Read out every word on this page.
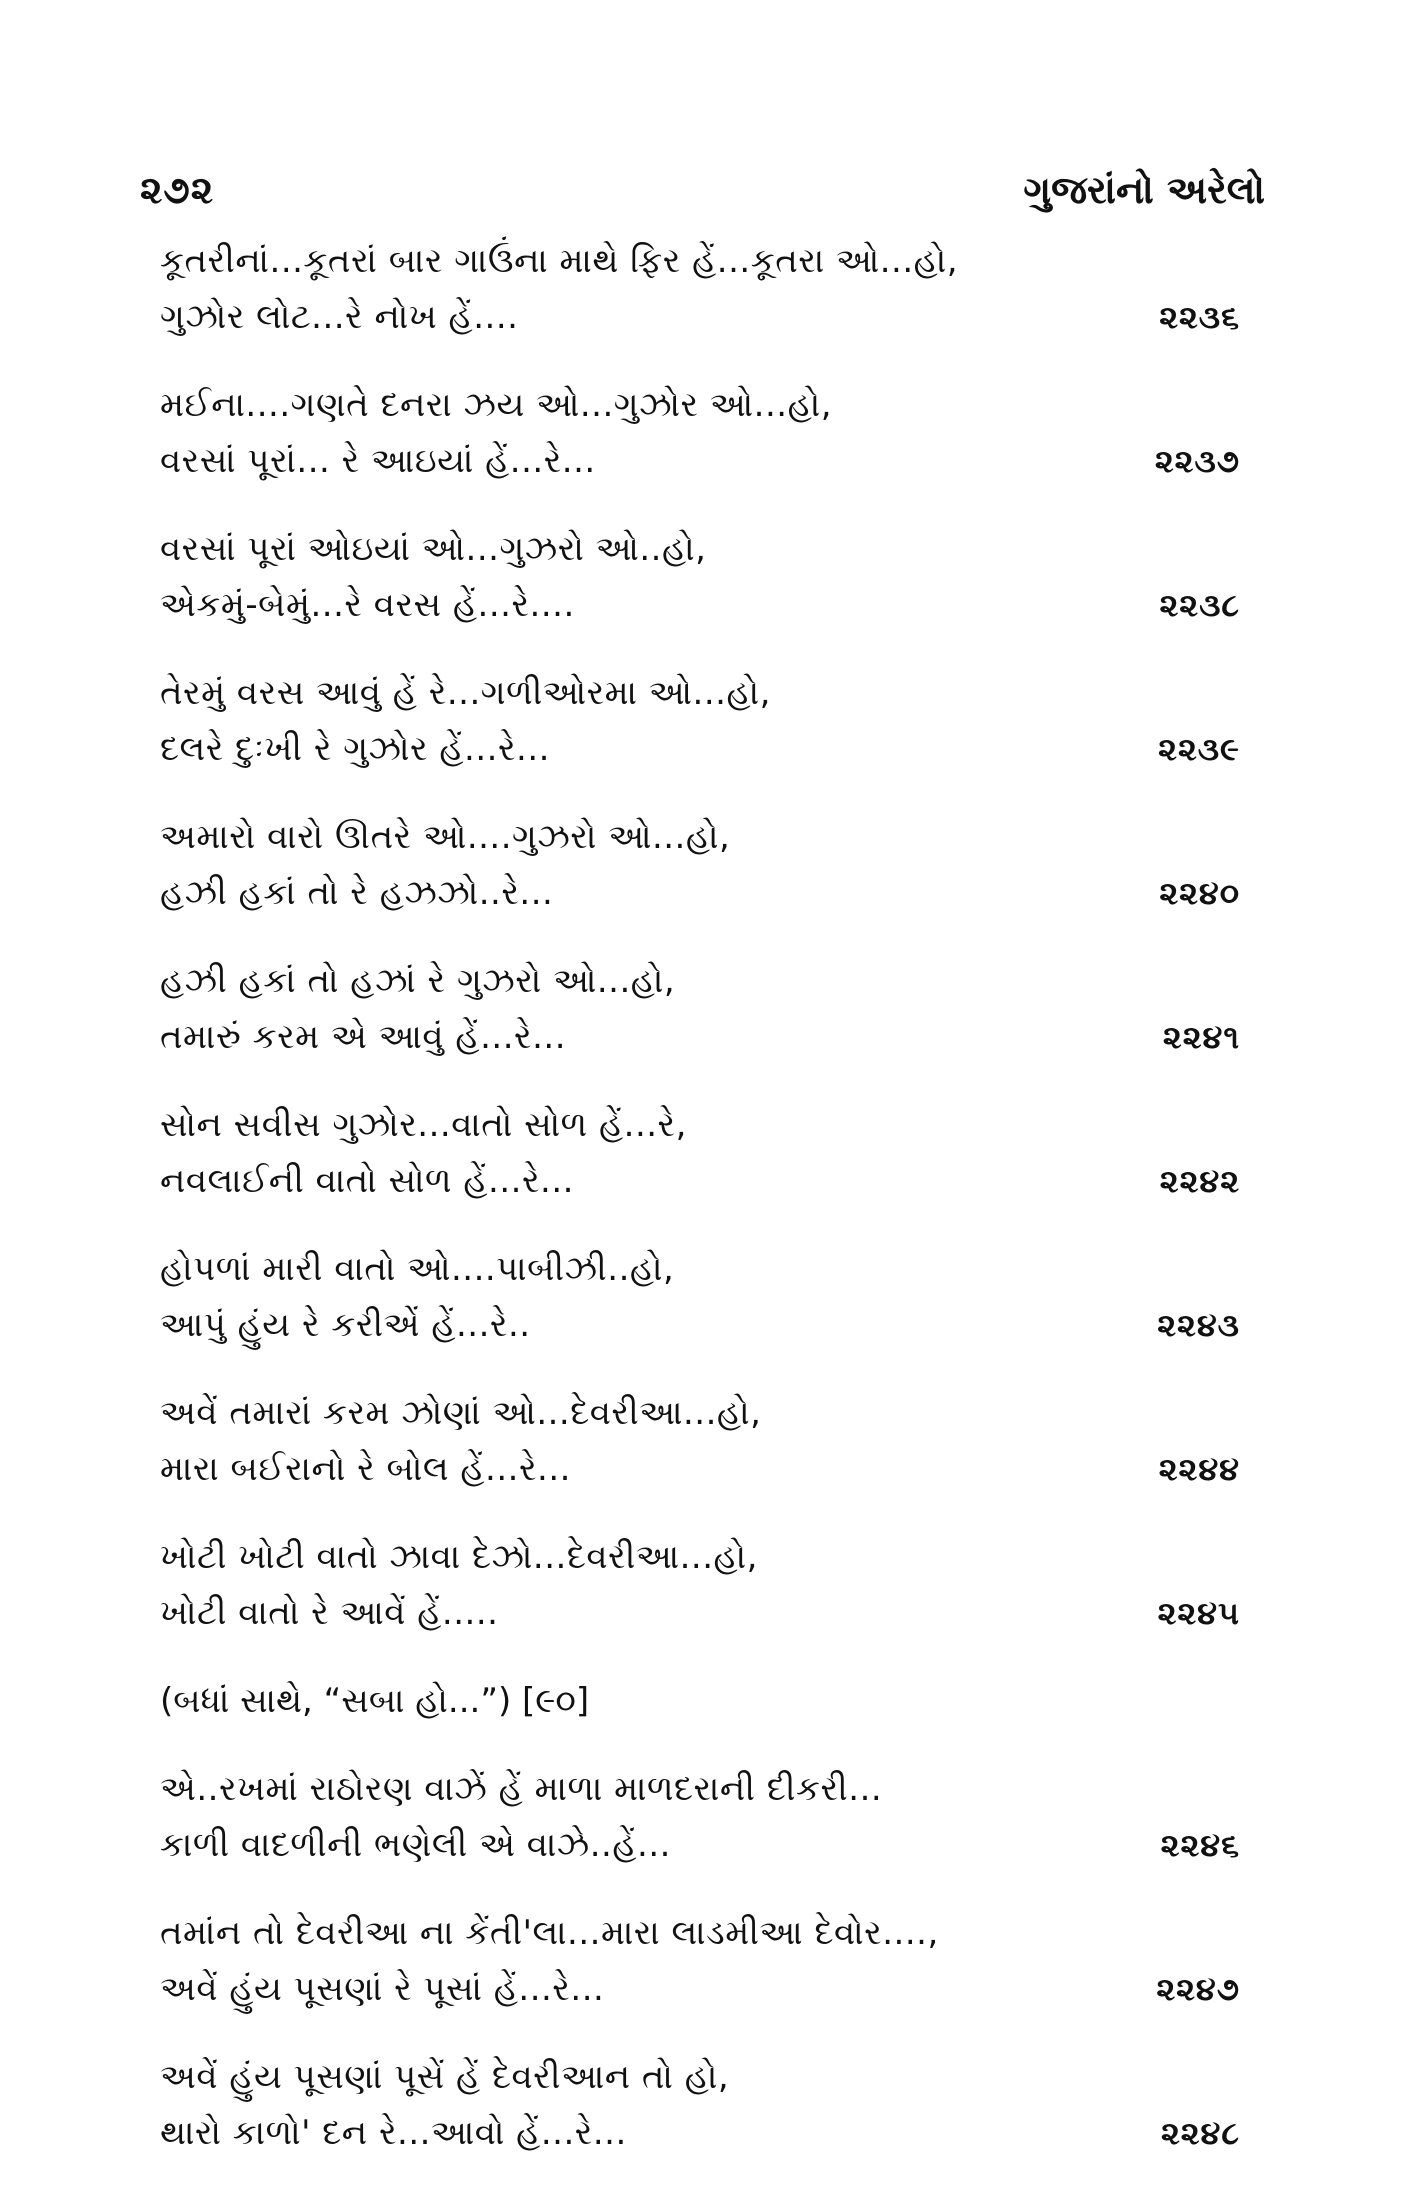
૨૭૨	ગુજરાંનો અરેલો
કૂતરીનાં...કૂતરાં બાર ગાઉંના માથે ફિર હેં...કૂતરા ઓ...હો,
ગુઝોર લોટ...રે નોખ હેં....	૨૨૩૬
મઈના....ગણતે દનરા ઝય ઓ...ગુઝોર ઓ...હો,
વરસાં પૂરાં... રે આઇયાં હેં...રે...	૨૨૩૭
વરસાં પૂરાં ઓઇયાં ઓ...ગુઝરો ઓ..હો,
એકમું-બેમું...રે વરસ હેં...રે....	૨૨૩૮
તેરમું વરસ આવું હેં રે...ગળીઓરમા ઓ...હો,
દલરે દુઃખી રે ગુઝોર હેં...રે...	૨૨૩૯
અમારો વારો ઊતરે ઓ....ગુઝરો ઓ...હો,
હઝી હકાં તો રે હઝઝો..રે...	૨૨૪૦
હઝી હકાં તો હઝાં રે ગુઝરો ઓ...હો,
તમારું કરમ એ આવું હેં...રે...	૨૨૪૧
સોન સવીસ ગુઝોર...વાતો સોળ હેં...રે,
નવલાઈની વાતો સોળ હેં...રે...	૨૨૪૨
હોપળાં મારી વાતો ઓ....પાબીઝી..હો,
આપું હુંય રે કરીએં હેં...રે..	૨૨૪૩
અવેં તમારાં કરમ ઝોણાં ઓ...દેવરીઆ...હો,
મારા બઈરાનો રે બોલ હેં...રે...	૨૨૪૪
ખોટી ખોટી વાતો ઝાવા દેઝો...દેવરીઆ...હો,
ખોટી વાતો રે આવેં હેં.....	૨૨૪૫
(બધાં સાથે, “સબા હો...”) [૯૦]
એ..રખમાં રાઠોરણ વાઝેં હેં માળા માળદરાની દીકરી...
કાળી વાદળીની ભણેલી એ વાઝે..હેં...	૨૨૪૬
તમાંન તો દેવરીઆ ના કેંતી'લા...મારા લાડમીઆ દેવોર....,
અવેં હુંય પૂસણાં રે પૂસાં હેં...રે...	૨૨૪૭
અવેં હુંય પૂસણાં પૂસેં હેં દેવરીઆન તો હો,
થારો કાળો' દન રે...આવો હેં...રે...	૨૨૪૮
